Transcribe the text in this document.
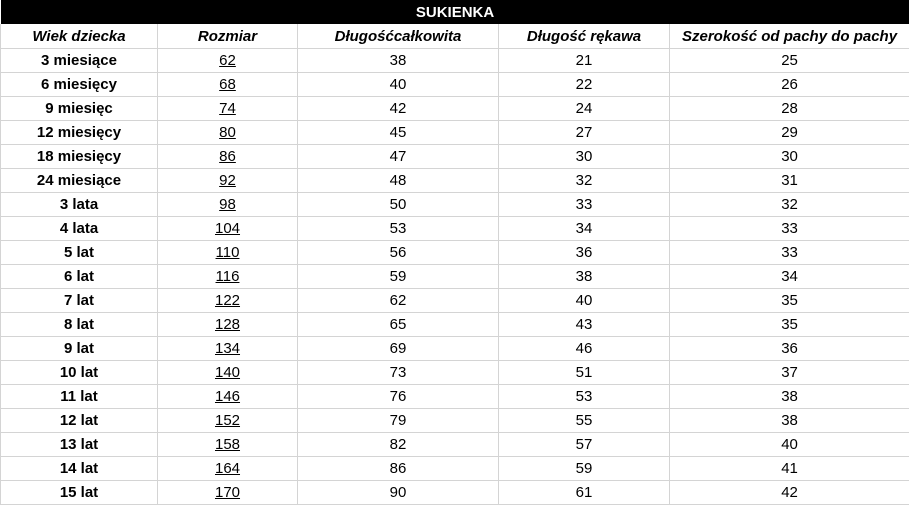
SUKIENKA				
Wiek dziecka	Rozmiar	Długośćcałkowita	Długość rękawa	Szerokość od pachy do pachy
3 miesiące	62	38	21	25
6 miesięcy	68	40	22	26
9 miesięc	74	42	24	28
12 miesięcy	80	45	27	29
18 miesięcy	86	47	30	30
24 miesiące	92	48	32	31
3 lata	98	50	33	32
4 lata	104	53	34	33
5 lat	110	56	36	33
6 lat	116	59	38	34
7 lat	122	62	40	35
8 lat	128	65	43	35
9 lat	134	69	46	36
10 lat	140	73	51	37
11 lat	146	76	53	38
12 lat	152	79	55	38
13 lat	158	82	57	40
14 lat	164	86	59	41
15 lat	170	90	61	42
